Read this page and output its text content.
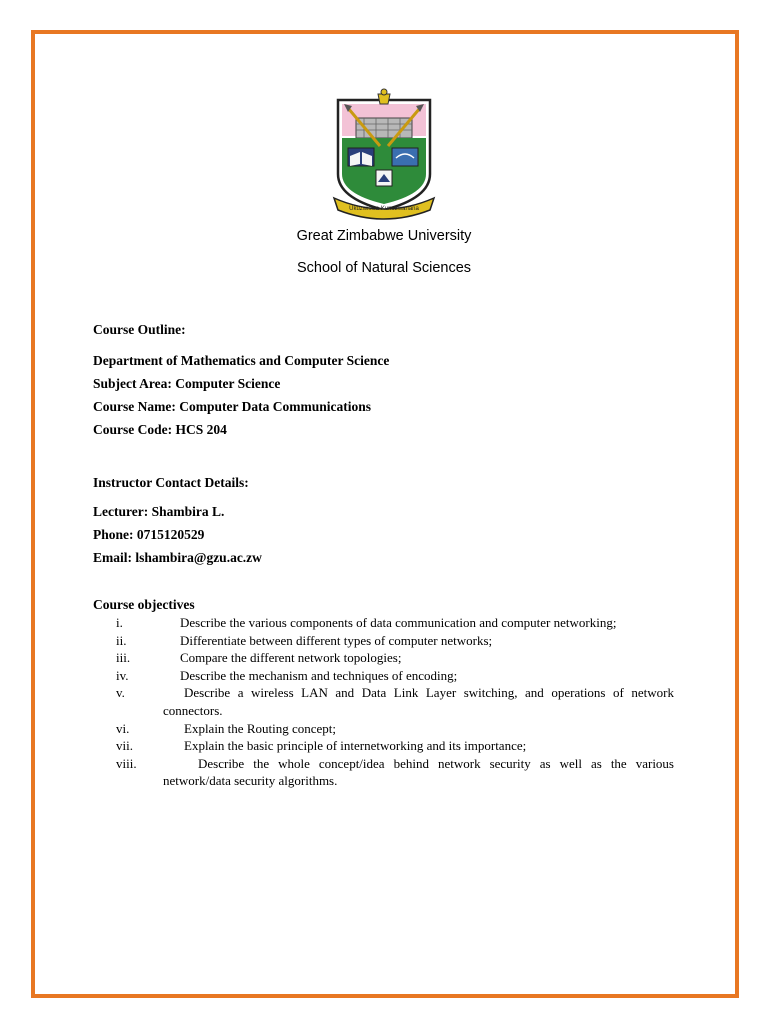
Ukuzwisisa Kunozwanana
Great Zimbabwe University
School of Natural Sciences
Course Outline:
Department of Mathematics and Computer Science
Subject Area: Computer Science
Course Name: Computer Data Communications
Course Code: HCS 204
Instructor Contact Details:
Lecturer: Shambira L.
Phone: 0715120529
Email: lshambira@gzu.ac.zw
Course objectives
i.	Describe the various components of data communication and computer networking;
ii.	Differentiate between different types of computer networks;
iii.	Compare the different network topologies;
iv.	Describe the mechanism and techniques of encoding;
v.	Describe a wireless LAN and Data Link Layer switching, and operations of network
connectors.
vi.	Explain the Routing concept;
vii.	Explain the basic principle of internetworking and its importance;
viii.	Describe the whole concept/idea behind network security as well as the various
network/data security algorithms.
